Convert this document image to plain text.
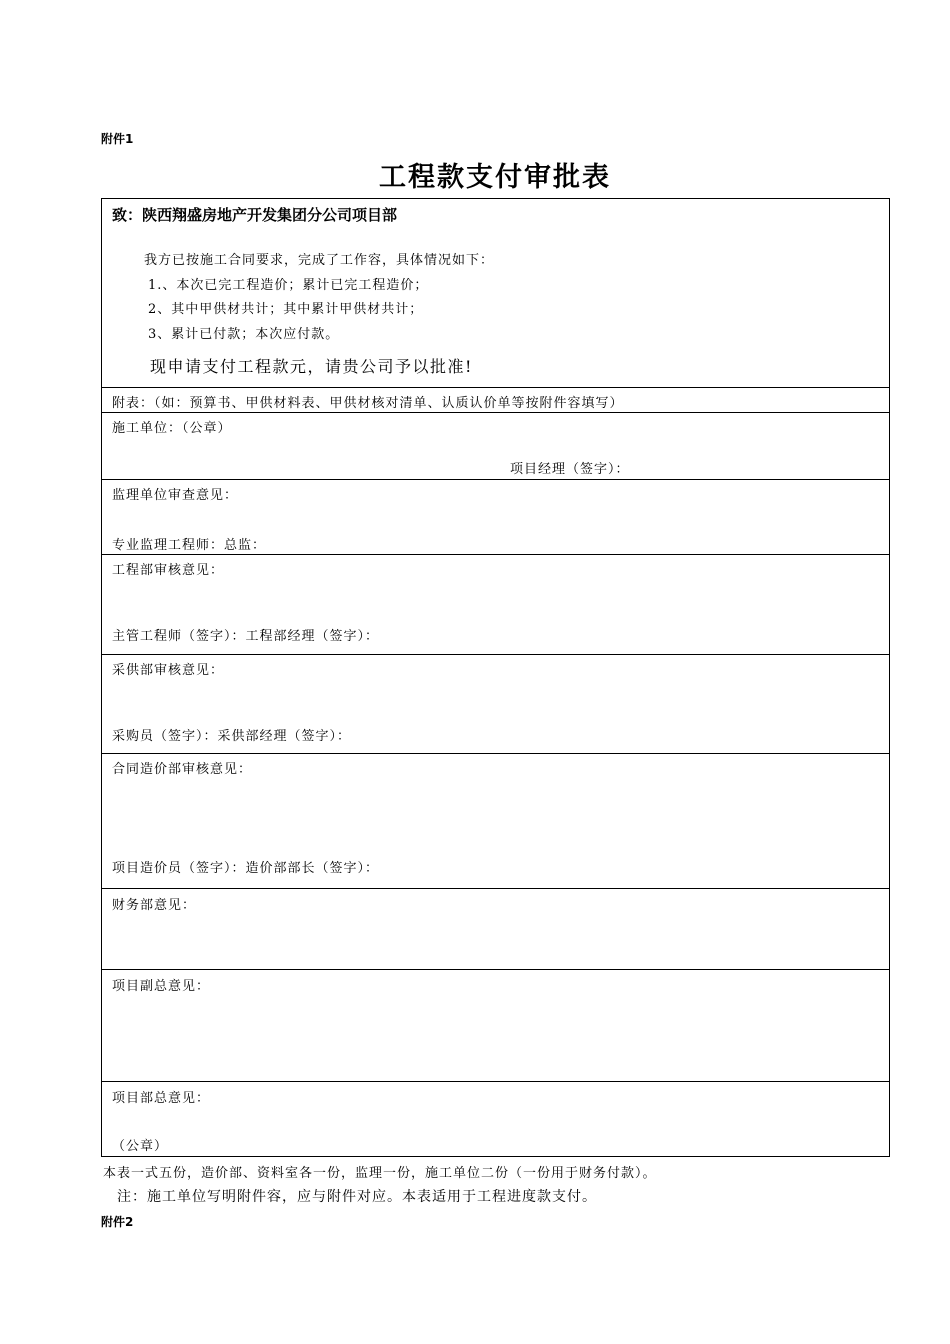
附件1
工程款支付审批表
致：陕西翔盛房地产开发集团分公司项目部
我方已按施工合同要求，完成了工作容，具体情况如下：
1.、本次已完工程造价；累计已完工程造价；
2、其中甲供材共计；其中累计甲供材共计；
3、累计已付款；本次应付款。
现申请支付工程款元，请贵公司予以批准!
附表：（如：预算书、甲供材料表、甲供材核对清单、认质认价单等按附件容填写）
施工单位：（公章）
项目经理（签字）：
监理单位审查意见：
专业监理工程师：总监：
工程部审核意见：
主管工程师（签字）：工程部经理（签字）：
采供部审核意见：
采购员（签字）：采供部经理（签字）：
合同造价部审核意见：
项目造价员（签字）：造价部部长（签字）：
财务部意见：
项目副总意见：
项目部总意见：
（公章）
本表一式五份，造价部、资料室各一份，监理一份，施工单位二份（一份用于财务付款）。
注：施工单位写明附件容，应与附件对应。本表适用于工程进度款支付。
附件2
